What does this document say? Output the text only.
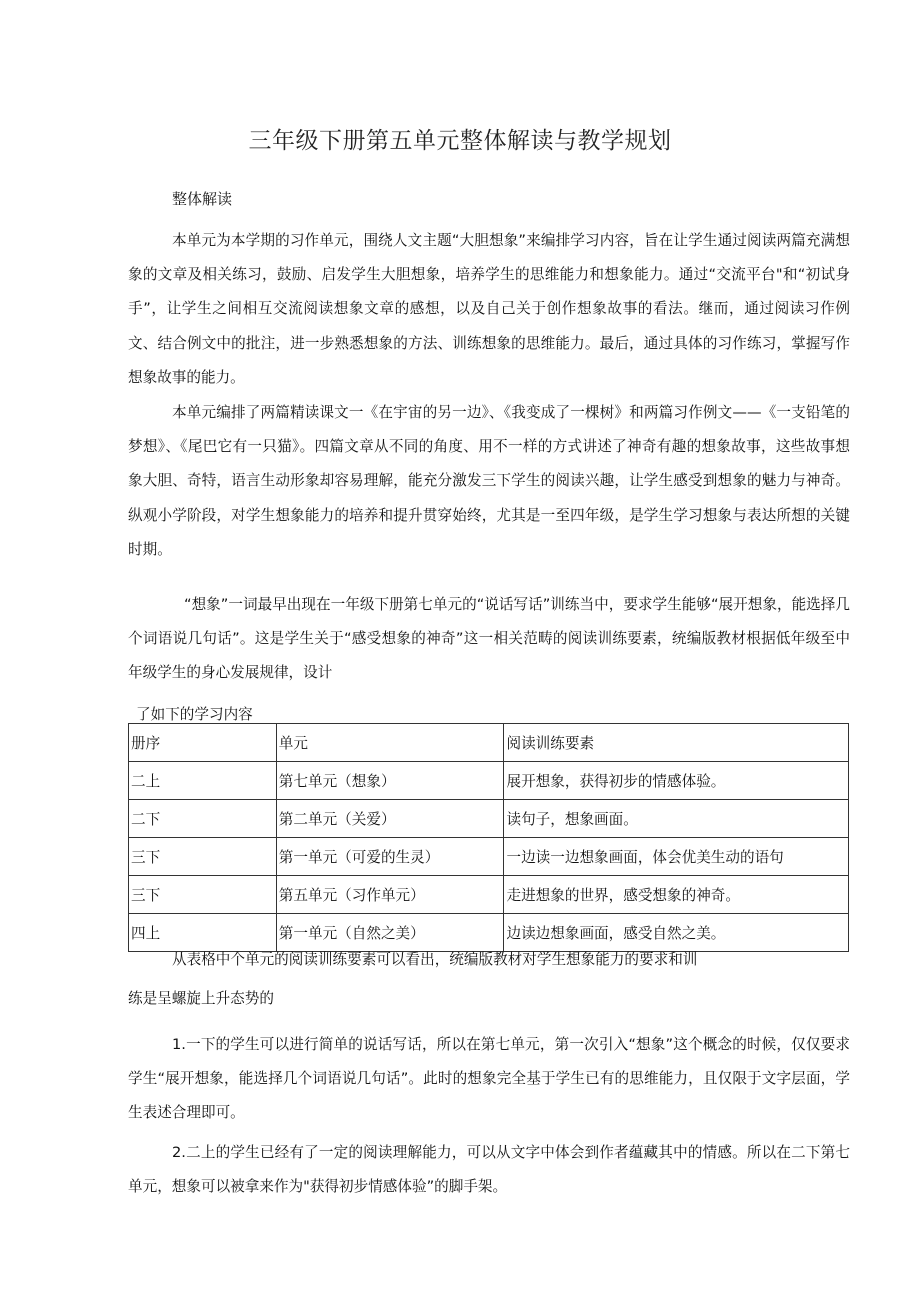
三年级下册第五单元整体解读与教学规划
整体解读

本单元为本学期的习作单元，围绕人文主题“大胆想象”来编排学习内容，旨在让学生通过阅读两篇充满想象的文章及相关练习，鼓励、启发学生大胆想象，培养学生的思维能力和想象能力。通过“交流平台"和“初试身手”，让学生之间相互交流阅读想象文章的感想，以及自己关于创作想象故事的看法。继而，通过阅读习作例文、结合例文中的批注，进一步熟悉想象的方法、训练想象的思维能力。最后，通过具体的习作练习，掌握写作想象故事的能力。

本单元编排了两篇精读课文一《在宇宙的另一边》、《我变成了一棵树》和两篇习作例文——《一支铅笔的梦想》、《尾巴它有一只猫》。四篇文章从不同的角度、用不一样的方式讲述了神奇有趣的想象故事，这些故事想象大胆、奇特，语言生动形象却容易理解，能充分激发三下学生的阅读兴趣，让学生感受到想象的魅力与神奇。纵观小学阶段，对学生想象能力的培养和提升贯穿始终，尤其是一至四年级，是学生学习想象与表达所想的关键时期。

“想象”一词最早出现在一年级下册第七单元的“说话写话”训练当中，要求学生能够“展开想象，能选择几个词语说几句话”。这是学生关于“感受想象的神奇”这一相关范畴的阅读训练要素，统编版教材根据低年级至中年级学生的身心发展规律，设计

了如下的学习内容
册序	单元	阅读训练要素
二上	第七单元（想象）	展开想象，获得初步的情感体验。
二下	第二单元（关爱）	读句子，想象画面。
三下	第一单元（可爱的生灵）	一边读一边想象画面，体会优美生动的语句
三下	第五单元（习作单元）	走进想象的世界，感受想象的神奇。
四上	第一单元（自然之美）	边读边想象画面，感受自然之美。

从表格中个单元的阅读训练要素可以看出，统编版教材对学生想象能力的要求和训

练是呈螺旋上升态势的

1.一下的学生可以进行简单的说话写话，所以在第七单元，第一次引入“想象”这个概念的时候，仅仅要求学生“展开想象，能选择几个词语说几句话”。此时的想象完全基于学生已有的思维能力，且仅限于文字层面，学生表述合理即可。

2.二上的学生已经有了一定的阅读理解能力，可以从文字中体会到作者蕴藏其中的情感。所以在二下第七单元，想象可以被拿来作为"获得初步情感体验”的脚手架。
